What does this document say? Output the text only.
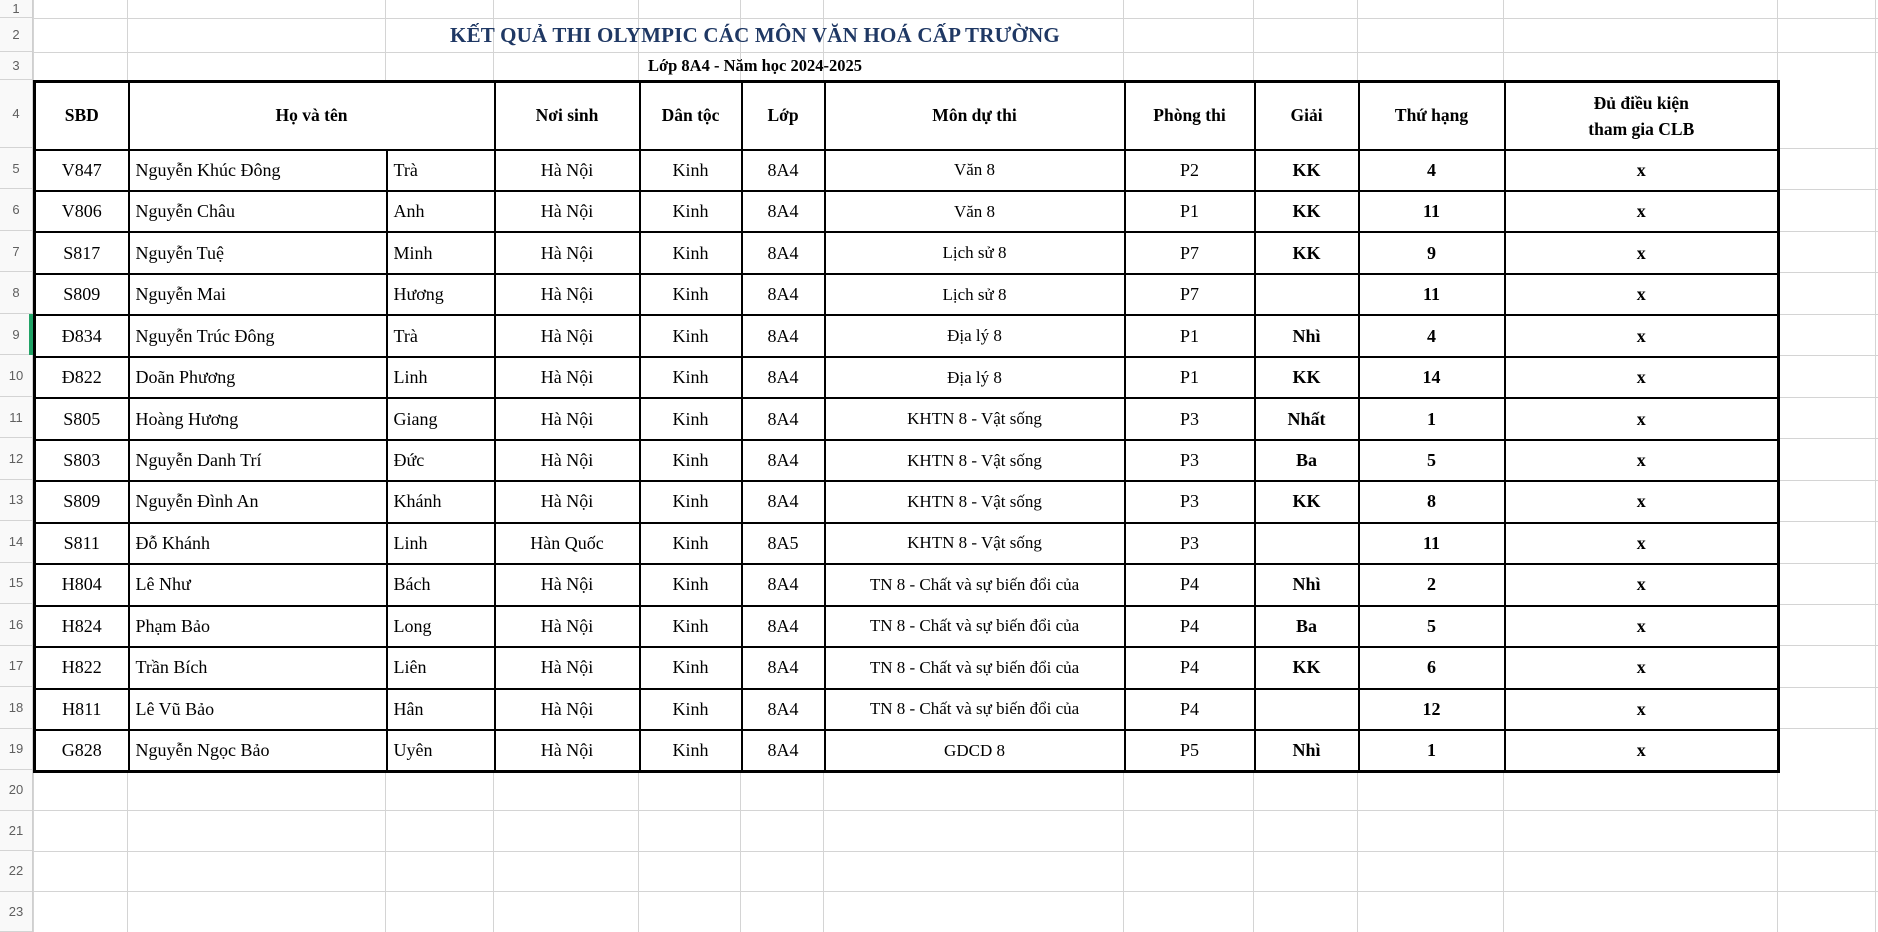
1
2
3
4
5
6
7
8
9
10
11
12
13
14
15
16
17
18
19
20
21
22
23
KẾT QUẢ THI OLYMPIC CÁC MÔN VĂN HOÁ CẤP TRƯỜNG
Lớp 8A4 - Năm học 2024-2025
SBD	Họ và tên		Nơi sinh	Dân tộc	Lớp	Môn dự thi	Phòng thi	Giải	Thứ hạng	Đủ điều kiện
tham gia CLB

V847	Nguyễn Khúc Đông	Trà	Hà Nội	Kinh	8A4	Văn 8	P2	KK	4	x
V806	Nguyễn Châu	Anh	Hà Nội	Kinh	8A4	Văn 8	P1	KK	11	x
S817	Nguyễn Tuệ	Minh	Hà Nội	Kinh	8A4	Lịch sử 8	P7	KK	9	x
S809	Nguyễn Mai	Hương	Hà Nội	Kinh	8A4	Lịch sử 8	P7		11	x
Đ834	Nguyễn Trúc Đông	Trà	Hà Nội	Kinh	8A4	Địa lý 8	P1	Nhì	4	x
Đ822	Doãn Phương	Linh	Hà Nội	Kinh	8A4	Địa lý 8	P1	KK	14	x
S805	Hoàng Hương	Giang	Hà Nội	Kinh	8A4	KHTN 8 - Vật sống	P3	Nhất	1	x
S803	Nguyễn Danh Trí	Đức	Hà Nội	Kinh	8A4	KHTN 8 - Vật sống	P3	Ba	5	x
S809	Nguyễn Đình An	Khánh	Hà Nội	Kinh	8A4	KHTN 8 - Vật sống	P3	KK	8	x
S811	Đỗ Khánh	Linh	Hàn Quốc	Kinh	8A5	KHTN 8 - Vật sống	P3		11	x
H804	Lê Như	Bách	Hà Nội	Kinh	8A4	TN 8 - Chất và sự biến đổi của	P4	Nhì	2	x
H824	Phạm Bảo	Long	Hà Nội	Kinh	8A4	TN 8 - Chất và sự biến đổi của	P4	Ba	5	x
H822	Trần Bích	Liên	Hà Nội	Kinh	8A4	TN 8 - Chất và sự biến đổi của	P4	KK	6	x
H811	Lê Vũ Bảo	Hân	Hà Nội	Kinh	8A4	TN 8 - Chất và sự biến đổi của	P4		12	x
G828	Nguyễn Ngọc Bảo	Uyên	Hà Nội	Kinh	8A4	GDCD 8	P5	Nhì	1	x
